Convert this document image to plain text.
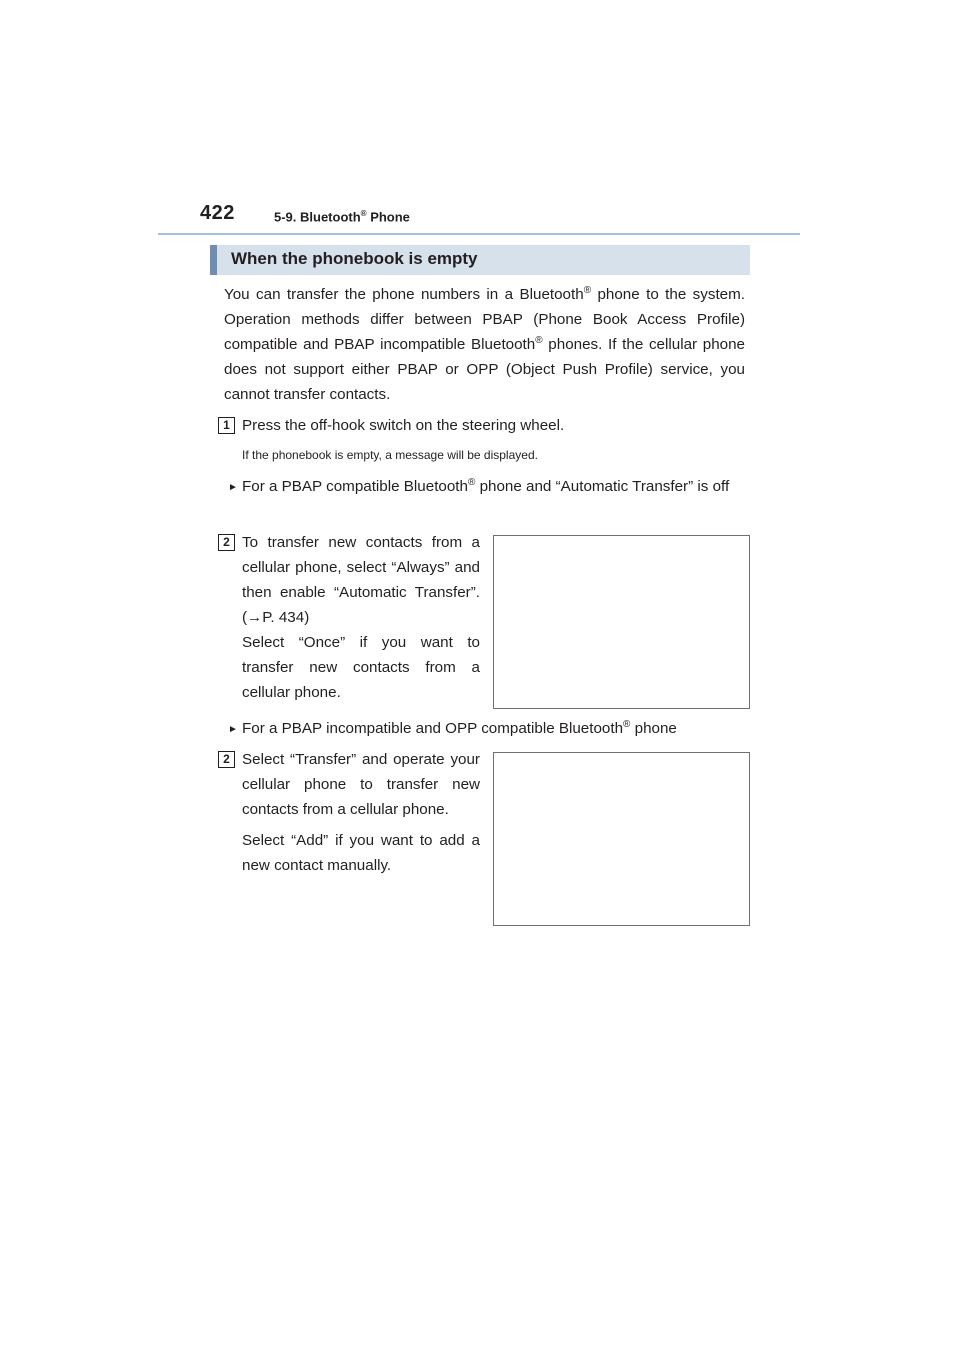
422	5-9. Bluetooth® Phone
When the phonebook is empty
You can transfer the phone numbers in a Bluetooth® phone to the system. Operation methods differ between PBAP (Phone Book Access Profile) compatible and PBAP incompatible Bluetooth® phones. If the cellular phone does not support either PBAP or OPP (Object Push Profile) service, you cannot transfer contacts.
1 Press the off-hook switch on the steering wheel.
If the phonebook is empty, a message will be displayed.
► For a PBAP compatible Bluetooth® phone and “Automatic Transfer” is off
2 To transfer new contacts from a cellular phone, select “Always” and then enable “Automatic Transfer”. (→P. 434)
Select “Once” if you want to transfer new contacts from a cellular phone.
► For a PBAP incompatible and OPP compatible Bluetooth® phone
2 Select “Transfer” and operate your cellular phone to transfer new contacts from a cellular phone.
Select “Add” if you want to add a new contact manually.
